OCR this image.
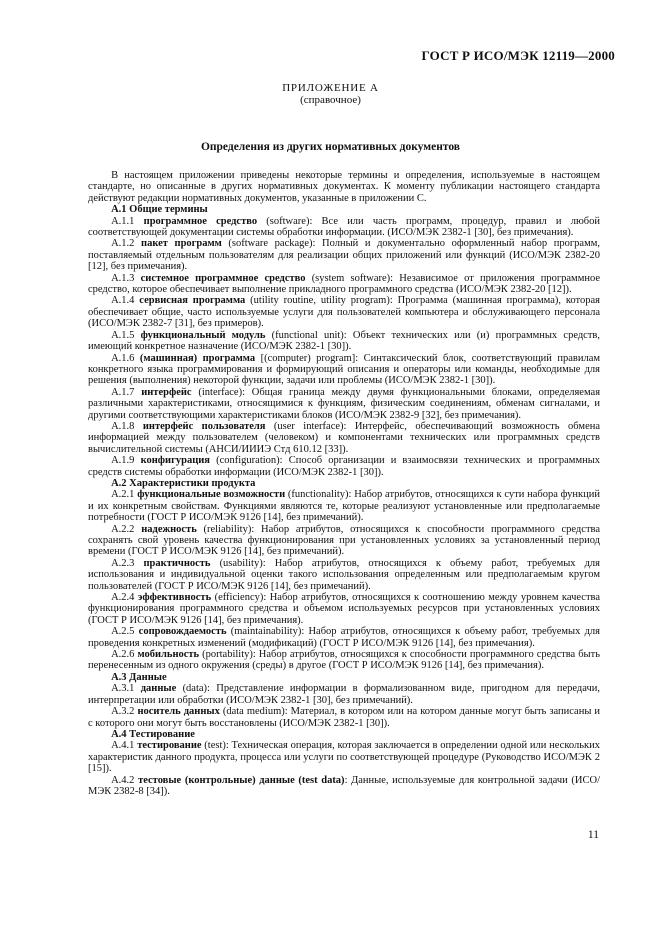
ГОСТ Р ИСО/МЭК 12119—2000
ПРИЛОЖЕНИЕ А
(справочное)
Определения из других нормативных документов

В настоящем приложении приведены некоторые термины и определения, используемые в настоящем стандарте, но описанные в других нормативных документах. К моменту публикации настоящего стандарта действуют редакции нормативных документов, указанные в приложении С.

А.1 Общие термины

А.1.1 программное средство (software): Все или часть программ, процедур, правил и любой соответствующей документации системы обработки информации. (ИСО/МЭК 2382-1 [30], без примечания).

А.1.2 пакет программ (software package): Полный и документально оформленный набор программ, поставляемый отдельным пользователям для реализации общих приложений или функций (ИСО/МЭК 2382-20 [12], без примечания).

А.1.3 системное программное средство (system software): Независимое от приложения программное средство, которое обеспечивает выполнение прикладного программного средства (ИСО/МЭК 2382-20 [12]).

А.1.4 сервисная программа (utility routine, utility program): Программа (машинная программа), которая обеспечивает общие, часто используемые услуги для пользователей компьютера и обслуживающего персонала (ИСО/МЭК 2382-7 [31], без примеров).

А.1.5 функциональный модуль (functional unit): Объект технических или (и) программных средств, имеющий конкретное назначение (ИСО/МЭК 2382-1 [30]).

А.1.6 (машинная) программа [(computer) program]: Синтаксический блок, соответствующий правилам конкретного языка программирования и формирующий описания и операторы или команды, необходимые для решения (выполнения) некоторой функции, задачи или проблемы (ИСО/МЭК 2382-1 [30]).

А.1.7 интерфейс (interface): Общая граница между двумя функциональными блоками, определяемая различными характеристиками, относящимися к функциям, физическим соединениям, обменам сигналами, и другими соответствующими характеристиками блоков (ИСО/МЭК 2382-9 [32], без примечания).

А.1.8 интерфейс пользователя (user interface): Интерфейс, обеспечивающий возможность обмена информацией между пользователем (человеком) и компонентами технических или программных средств вычислительной системы (АНСИ/ИИИЭ Стд 610.12 [33]).

А.1.9 конфигурация (configuration): Способ организации и взаимосвязи технических и программных средств системы обработки информации (ИСО/МЭК 2382-1 [30]).

А.2 Характеристики продукта

А.2.1 функциональные возможности (functionality): Набор атрибутов, относящихся к сути набора функций и их конкретным свойствам. Функциями являются те, которые реализуют установленные или предполагаемые потребности (ГОСТ Р ИСО/МЭК 9126 [14], без примечаний).

А.2.2 надежность (reliability): Набор атрибутов, относящихся к способности программного средства сохранять свой уровень качества функционирования при установленных условиях за установленный период времени (ГОСТ Р ИСО/МЭК 9126 [14], без примечаний).

А.2.3 практичность (usability): Набор атрибутов, относящихся к объему работ, требуемых для использования и индивидуальной оценки такого использования определенным или предполагаемым кругом пользователей (ГОСТ Р ИСО/МЭК 9126 [14], без примечаний).

А.2.4 эффективность (efficiency): Набор атрибутов, относящихся к соотношению между уровнем качества функционирования программного средства и объемом используемых ресурсов при установленных условиях (ГОСТ Р ИСО/МЭК 9126 [14], без примечания).

А.2.5 сопровождаемость (maintainability): Набор атрибутов, относящихся к объему работ, требуемых для проведения конкретных изменений (модификаций) (ГОСТ Р ИСО/МЭК 9126 [14], без примечания).

А.2.6 мобильность (portability): Набор атрибутов, относящихся к способности программного средства быть перенесенным из одного окружения (среды) в другое (ГОСТ Р ИСО/МЭК 9126 [14], без примечания).

А.3 Данные

А.3.1 данные (data): Представление информации в формализованном виде, пригодном для передачи, интерпретации или обработки (ИСО/МЭК 2382-1 [30], без примечаний).

А.3.2 носитель данных (data medium): Материал, в котором или на котором данные могут быть записаны и с которого они могут быть восстановлены (ИСО/МЭК 2382-1 [30]).

А.4 Тестирование

А.4.1 тестирование (test): Техническая операция, которая заключается в определении одной или нескольких характеристик данного продукта, процесса или услуги по соответствующей процедуре (Руководство ИСО/МЭК 2 [15]).

А.4.2 тестовые (контрольные) данные (test data): Данные, используемые для контрольной задачи (ИСО/МЭК 2382-8 [34]).

11
